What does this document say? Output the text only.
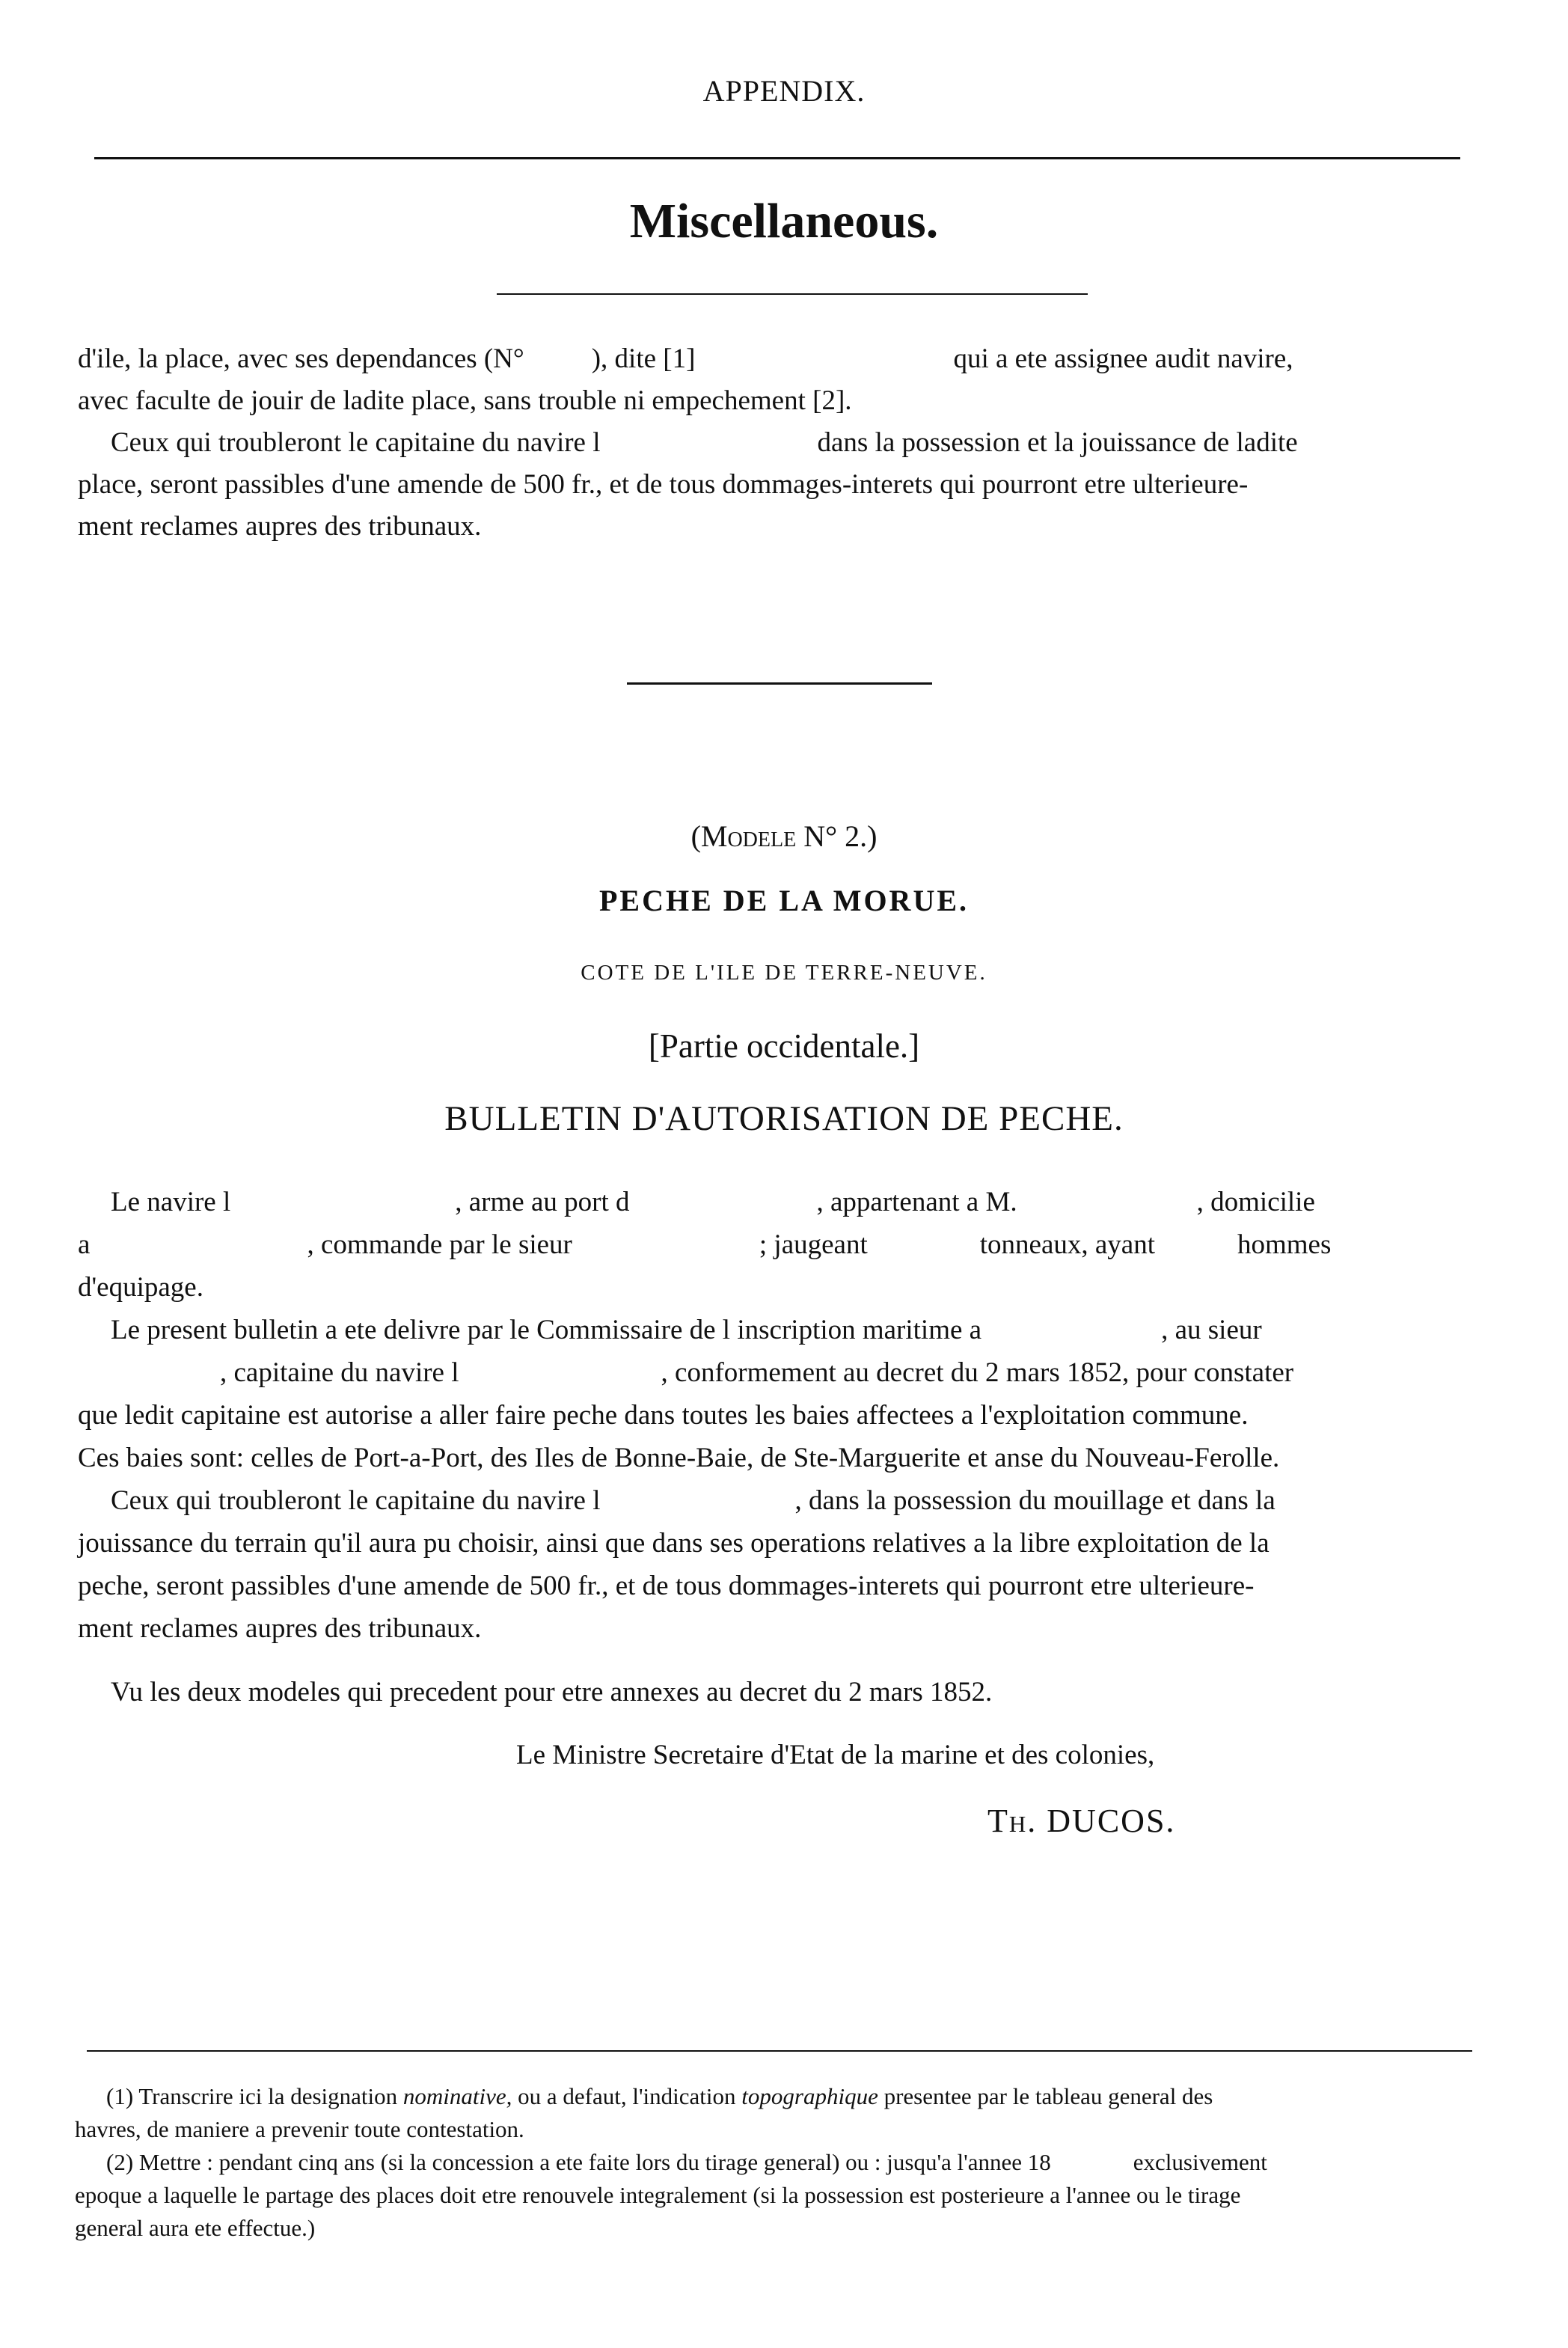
APPENDIX.
Miscellaneous.
d'ile, la place, avec ses dependances (N° ), dite [1]	qui a ete assignee audit navire,
avec faculte de jouir de ladite place, sans trouble ni empechement [2].
Ceux qui troubleront le capitaine du navire l	dans la possession et la jouissance de ladite
place, seront passibles d'une amende de 500 fr., et de tous dommages-interets qui pourront etre ulterieure-
ment reclames aupres des tribunaux.
(Modele N° 2.)
PECHE DE LA MORUE.
COTE DE L'ILE DE TERRE-NEUVE.
[Partie occidentale.]
BULLETIN D'AUTORISATION DE PECHE.
Le navire l	, arme au port d	, appartenant a M.	, domicilie
a	, commande par le sieur	; jaugeant	tonneaux, ayant	hommes
d'equipage.
Le present bulletin a ete delivre par le Commissaire de l inscription maritime a	, au sieur
, capitaine du navire l	, conformement au decret du 2 mars 1852, pour constater
que ledit capitaine est autorise a aller faire peche dans toutes les baies affectees a l'exploitation commune.
Ces baies sont: celles de Port-a-Port, des Iles de Bonne-Baie, de Ste-Marguerite et anse du Nouveau-Ferolle.
Ceux qui troubleront le capitaine du navire l	, dans la possession du mouillage et dans la
jouissance du terrain qu'il aura pu choisir, ainsi que dans ses operations relatives a la libre exploitation de la
peche, seront passibles d'une amende de 500 fr., et de tous dommages-interets qui pourront etre ulterieure-
ment reclames aupres des tribunaux.
Vu les deux modeles qui precedent pour etre annexes au decret du 2 mars 1852.
Le Ministre Secretaire d'Etat de la marine et des colonies,
Th. DUCOS.
(1) Transcrire ici la designation nominative, ou a defaut, l'indication topographique presentee par le tableau general des
havres, de maniere a prevenir toute contestation.
(2) Mettre : pendant cinq ans (si la concession a ete faite lors du tirage general) ou : jusqu'a l'annee 18	exclusivement
epoque a laquelle le partage des places doit etre renouvele integralement (si la possession est posterieure a l'annee ou le tirage
general aura ete effectue.)
